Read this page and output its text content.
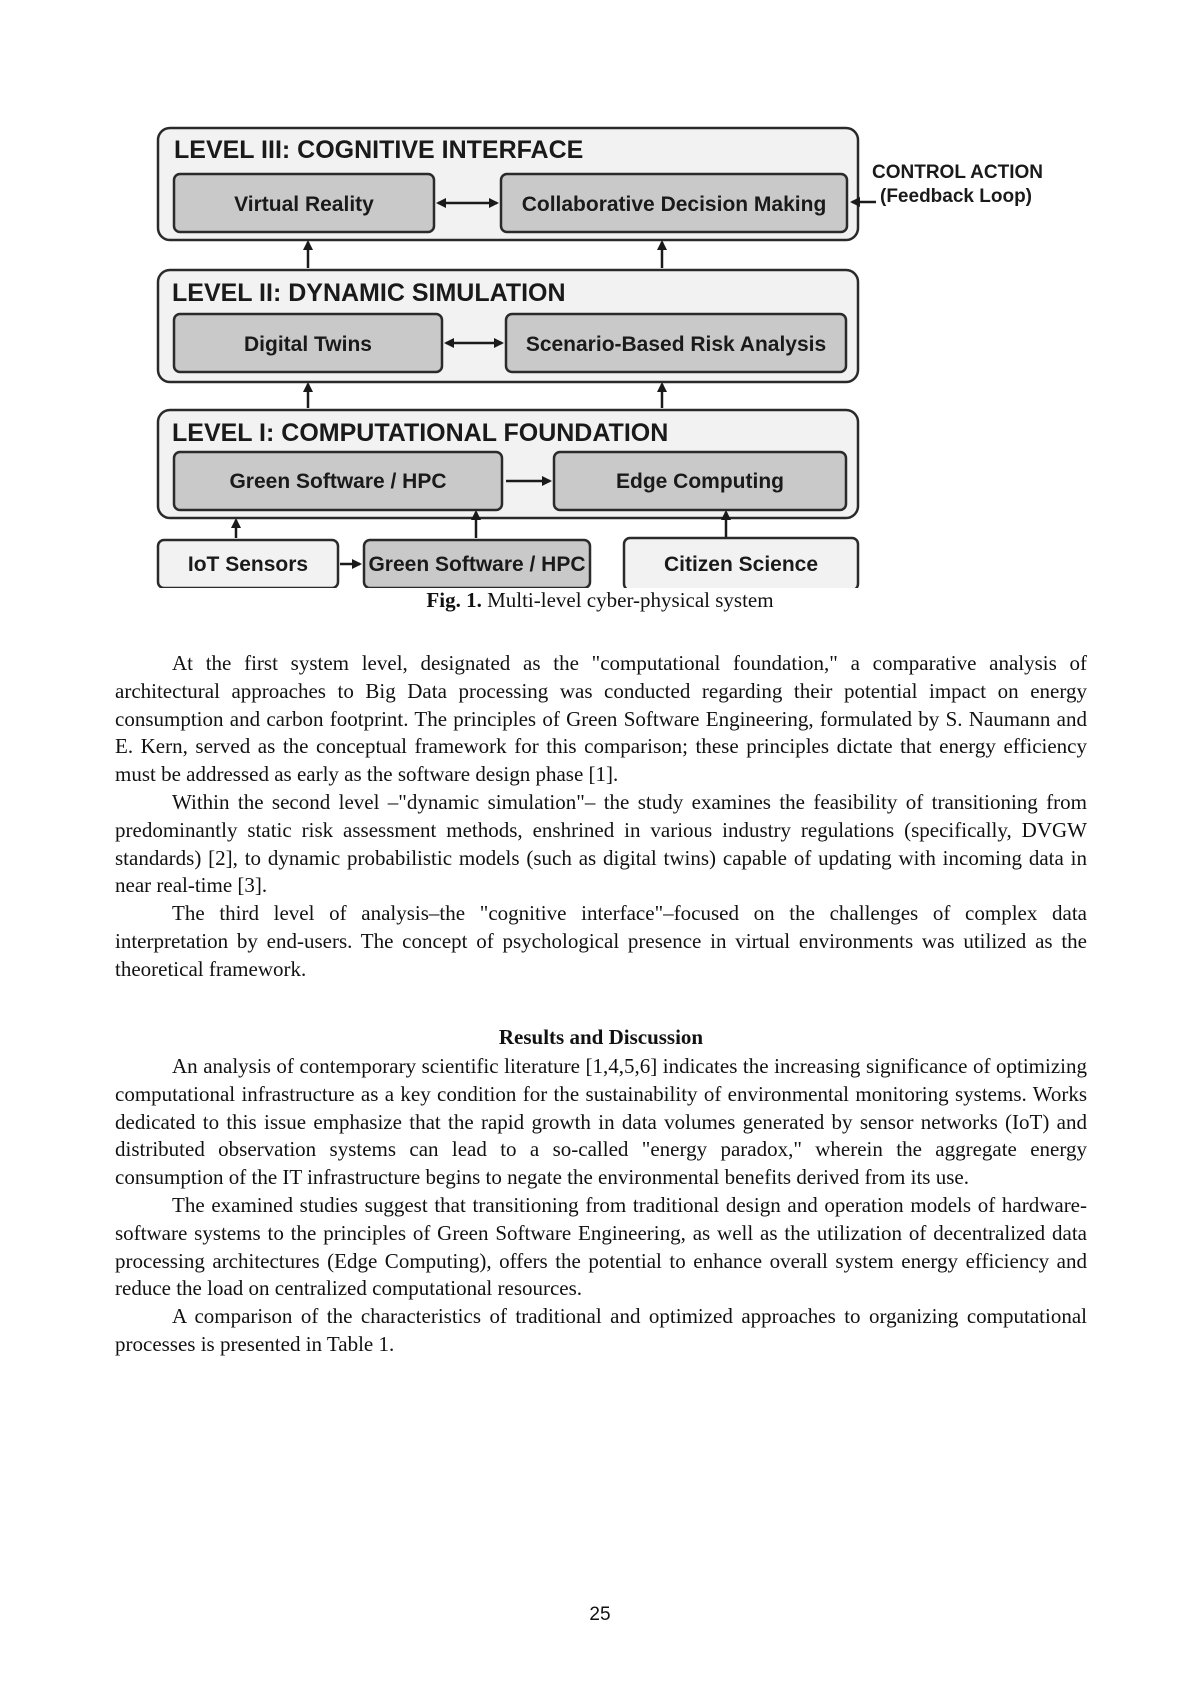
LEVEL III: COGNITIVE INTERFACE
Virtual Reality	Collaborative Decision Making
CONTROL ACTION
(Feedback Loop)
LEVEL II: DYNAMIC SIMULATION
Digital Twins	Scenario-Based Risk Analysis
LEVEL I: COMPUTATIONAL FOUNDATION
Green Software / HPC	Edge Computing
IoT Sensors	Green Software / HPC	Citizen Science
Fig. 1. Multi-level cyber-physical system

At the first system level, designated as the "computational foundation," a comparative analysis of architectural approaches to Big Data processing was conducted regarding their potential impact on energy consumption and carbon footprint. The principles of Green Software Engineering, formulated by S. Naumann and E. Kern, served as the conceptual framework for this comparison; these principles dictate that energy efficiency must be addressed as early as the software design phase [1].

Within the second level –"dynamic simulation"– the study examines the feasibility of transitioning from predominantly static risk assessment methods, enshrined in various industry regulations (specifically, DVGW standards) [2], to dynamic probabilistic models (such as digital twins) capable of updating with incoming data in near real-time [3].

The third level of analysis–the "cognitive interface"–focused on the challenges of complex data interpretation by end-users. The concept of psychological presence in virtual environments was utilized as the theoretical framework.

Results and Discussion

An analysis of contemporary scientific literature [1,4,5,6] indicates the increasing significance of optimizing computational infrastructure as a key condition for the sustainability of environmental monitoring systems. Works dedicated to this issue emphasize that the rapid growth in data volumes generated by sensor networks (IoT) and distributed observation systems can lead to a so-called "energy paradox," wherein the aggregate energy consumption of the IT infrastructure begins to negate the environmental benefits derived from its use.

The examined studies suggest that transitioning from traditional design and operation models of hardware-software systems to the principles of Green Software Engineering, as well as the utilization of decentralized data processing architectures (Edge Computing), offers the potential to enhance overall system energy efficiency and reduce the load on centralized computational resources.

A comparison of the characteristics of traditional and optimized approaches to organizing computational processes is presented in Table 1.

25
